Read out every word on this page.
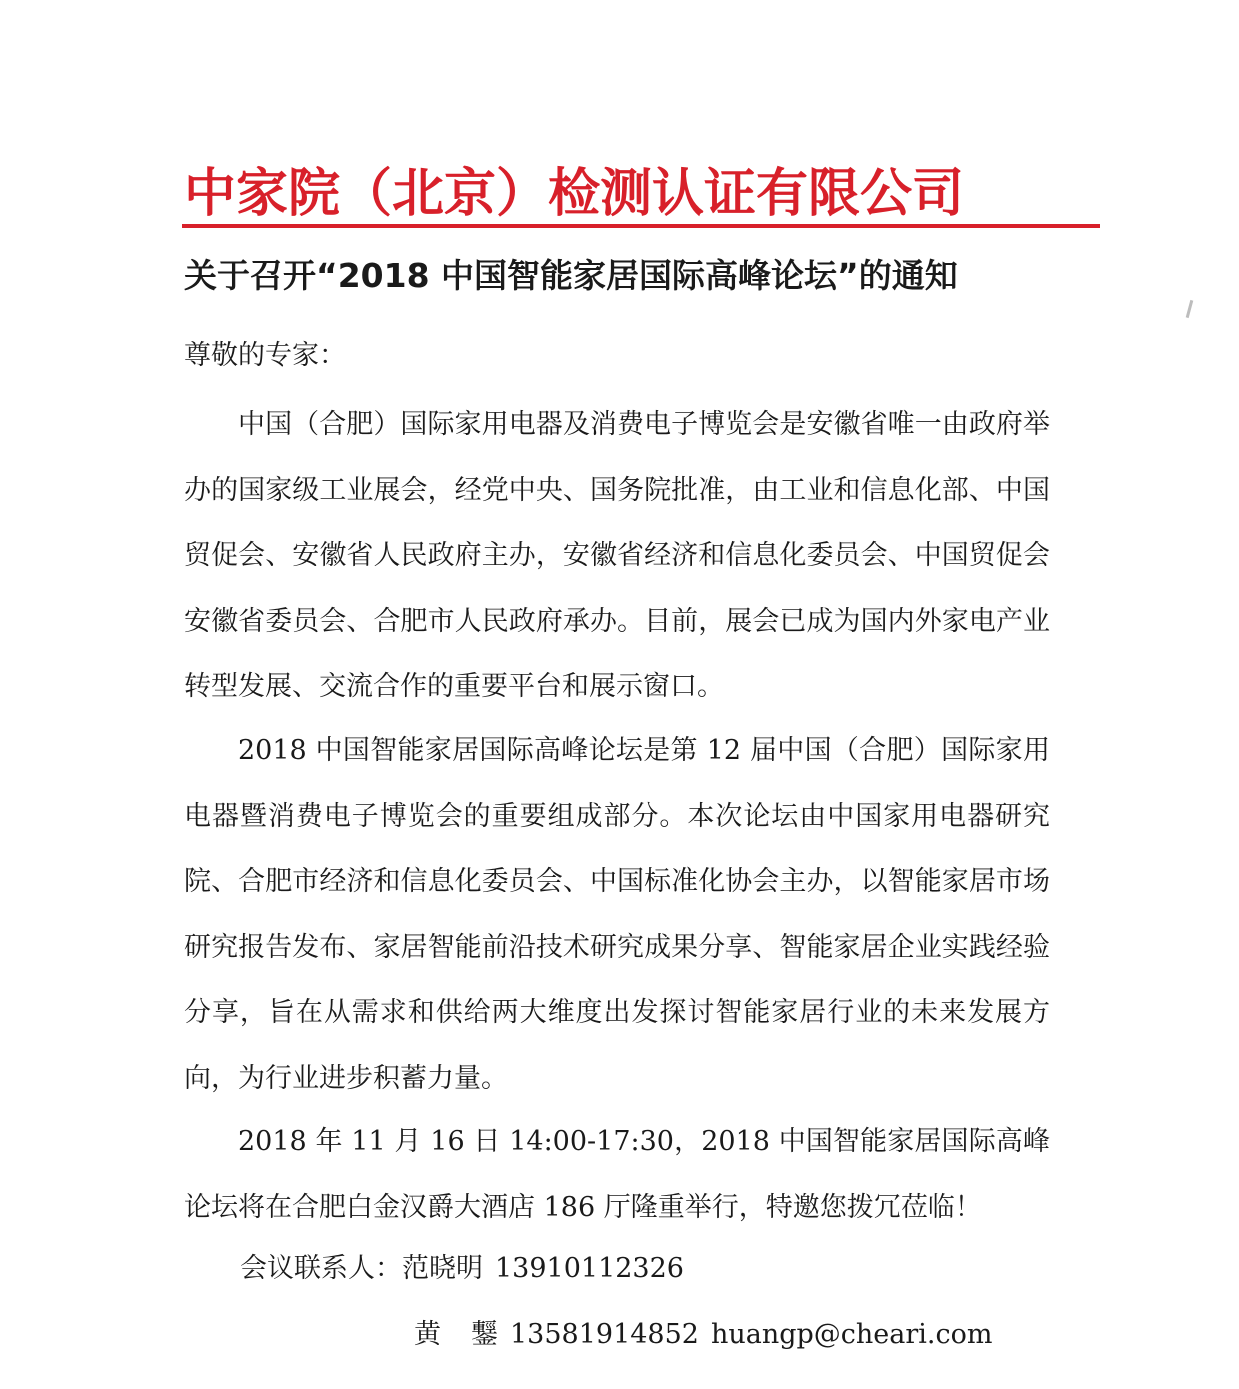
中家院（北京）检测认证有限公司
关于召开“2018 中国智能家居国际高峰论坛”的通知
尊敬的专家：

中国（合肥）国际家用电器及消费电子博览会是安徽省唯一由政府举办的国家级工业展会，经党中央、国务院批准，由工业和信息化部、中国贸促会、安徽省人民政府主办，安徽省经济和信息化委员会、中国贸促会安徽省委员会、合肥市人民政府承办。目前，展会已成为国内外家电产业转型发展、交流合作的重要平台和展示窗口。

2018 中国智能家居国际高峰论坛是第 12 届中国（合肥）国际家用电器暨消费电子博览会的重要组成部分。本次论坛由中国家用电器研究院、合肥市经济和信息化委员会、中国标准化协会主办，以智能家居市场研究报告发布、家居智能前沿技术研究成果分享、智能家居企业实践经验分享，旨在从需求和供给两大维度出发探讨智能家居行业的未来发展方向，为行业进步积蓄力量。

2018 年 11 月 16 日 14:00-17:30，2018 中国智能家居国际高峰论坛将在合肥白金汉爵大酒店 186 厅隆重举行，特邀您拨冗莅临！

会议联系人：范晓明 13910112326
黄 鑋 13581914852 huangp@cheari.com
